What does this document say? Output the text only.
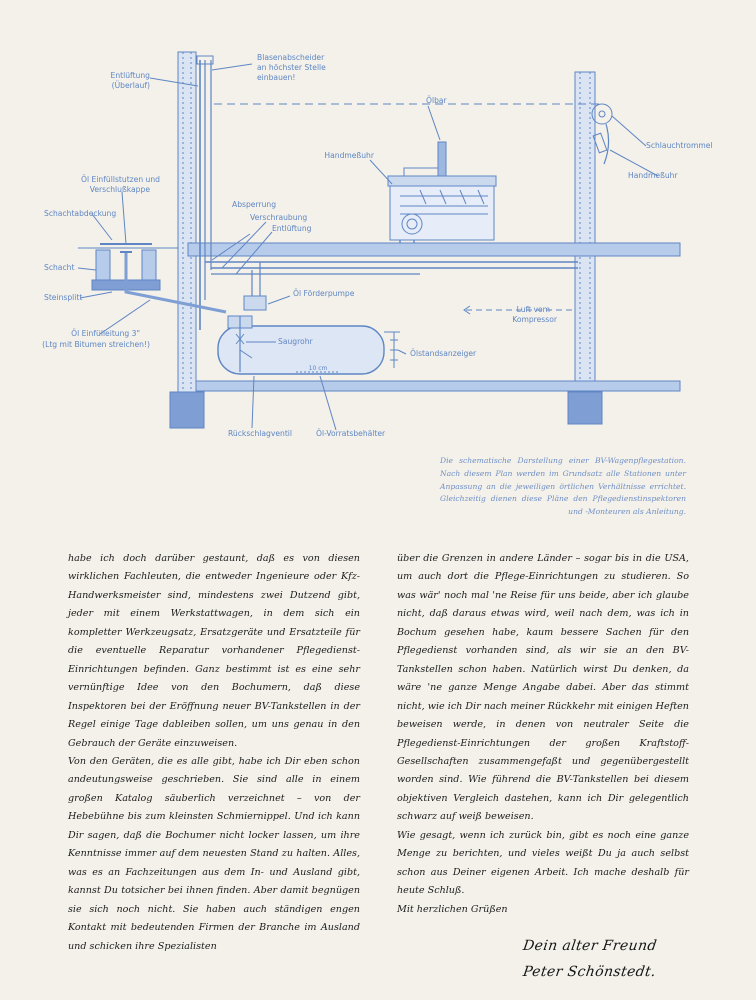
Blasenabscheider
an höchster Stelle
einbauen!
Entlüftung
(Überlauf)
Ölbar
Handmeßuhr
Schlauchtrommel
Handmeßuhr
Öl Einfüllstutzen und
Verschlußkappe
Schachtabdeckung
Absperrung
Verschraubung
Entlüftung
Schacht
Steinsplitt	Öl Förderpumpe
Luft vom
Kompressor
Öl Einfülleitung 3"
(Ltg mit Bitumen streichen!)	Saugrohr
Ölstandsanzeiger
10 cm
Rückschlagventil	Öl-Vorratsbehälter

Die schematische Darstellung einer BV-Wagenpflegestation. Nach diesem Plan werden im Grundsatz alle Stationen unter Anpassung an die jeweiligen örtlichen Verhältnisse errichtet. Gleichzeitig dienen diese Pläne den Pflegedienstinspektoren und -Monteuren als Anleitung.

habe ich doch darüber gestaunt, daß es von diesen wirklichen Fachleuten, die entweder Ingenieure oder Kfz-Handwerksmeister sind, mindestens zwei Dutzend gibt, jeder mit einem Werkstattwagen, in dem sich ein kompletter Werkzeugsatz, Ersatzgeräte und Ersatzteile für die eventuelle Reparatur vorhandener Pflegedienst-Einrichtungen befinden. Ganz bestimmt ist es eine sehr vernünftige Idee von den Bochumern, daß diese Inspektoren bei der Eröffnung neuer BV-Tankstellen in der Regel einige Tage dableiben sollen, um uns genau in den Gebrauch der Geräte einzuweisen.

Von den Geräten, die es alle gibt, habe ich Dir eben schon andeutungsweise geschrieben. Sie sind alle in einem großen Katalog säuberlich verzeichnet – von der Hebebühne bis zum kleinsten Schmiernippel. Und ich kann Dir sagen, daß die Bochumer nicht locker lassen, um ihre Kenntnisse immer auf dem neuesten Stand zu halten. Alles, was es an Fachzeitungen aus dem In- und Ausland gibt, kannst Du totsicher bei ihnen finden. Aber damit begnügen sie sich noch nicht. Sie haben auch ständigen engen Kontakt mit bedeutenden Firmen der Branche im Ausland und schicken ihre Spezialisten

über die Grenzen in andere Länder – sogar bis in die USA, um auch dort die Pflege-Einrichtungen zu studieren. So was wär' noch mal 'ne Reise für uns beide, aber ich glaube nicht, daß daraus etwas wird, weil nach dem, was ich in Bochum gesehen habe, kaum bessere Sachen für den Pflegedienst vorhanden sind, als wir sie an den BV-Tankstellen schon haben. Natürlich wirst Du denken, da wäre 'ne ganze Menge Angabe dabei. Aber das stimmt nicht, wie ich Dir nach meiner Rückkehr mit einigen Heften beweisen werde, in denen von neutraler Seite die Pflegedienst-Einrichtungen der großen Kraftstoff-Gesellschaften zusammengefaßt und gegenübergestellt worden sind. Wie führend die BV-Tankstellen bei diesem objektiven Vergleich dastehen, kann ich Dir gelegentlich schwarz auf weiß beweisen.

Wie gesagt, wenn ich zurück bin, gibt es noch eine ganze Menge zu berichten, und vieles weißt Du ja auch selbst schon aus Deiner eigenen Arbeit. Ich mache deshalb für heute Schluß.

Mit herzlichen Grüßen

Dein alter Freund
Peter Schönstedt.
